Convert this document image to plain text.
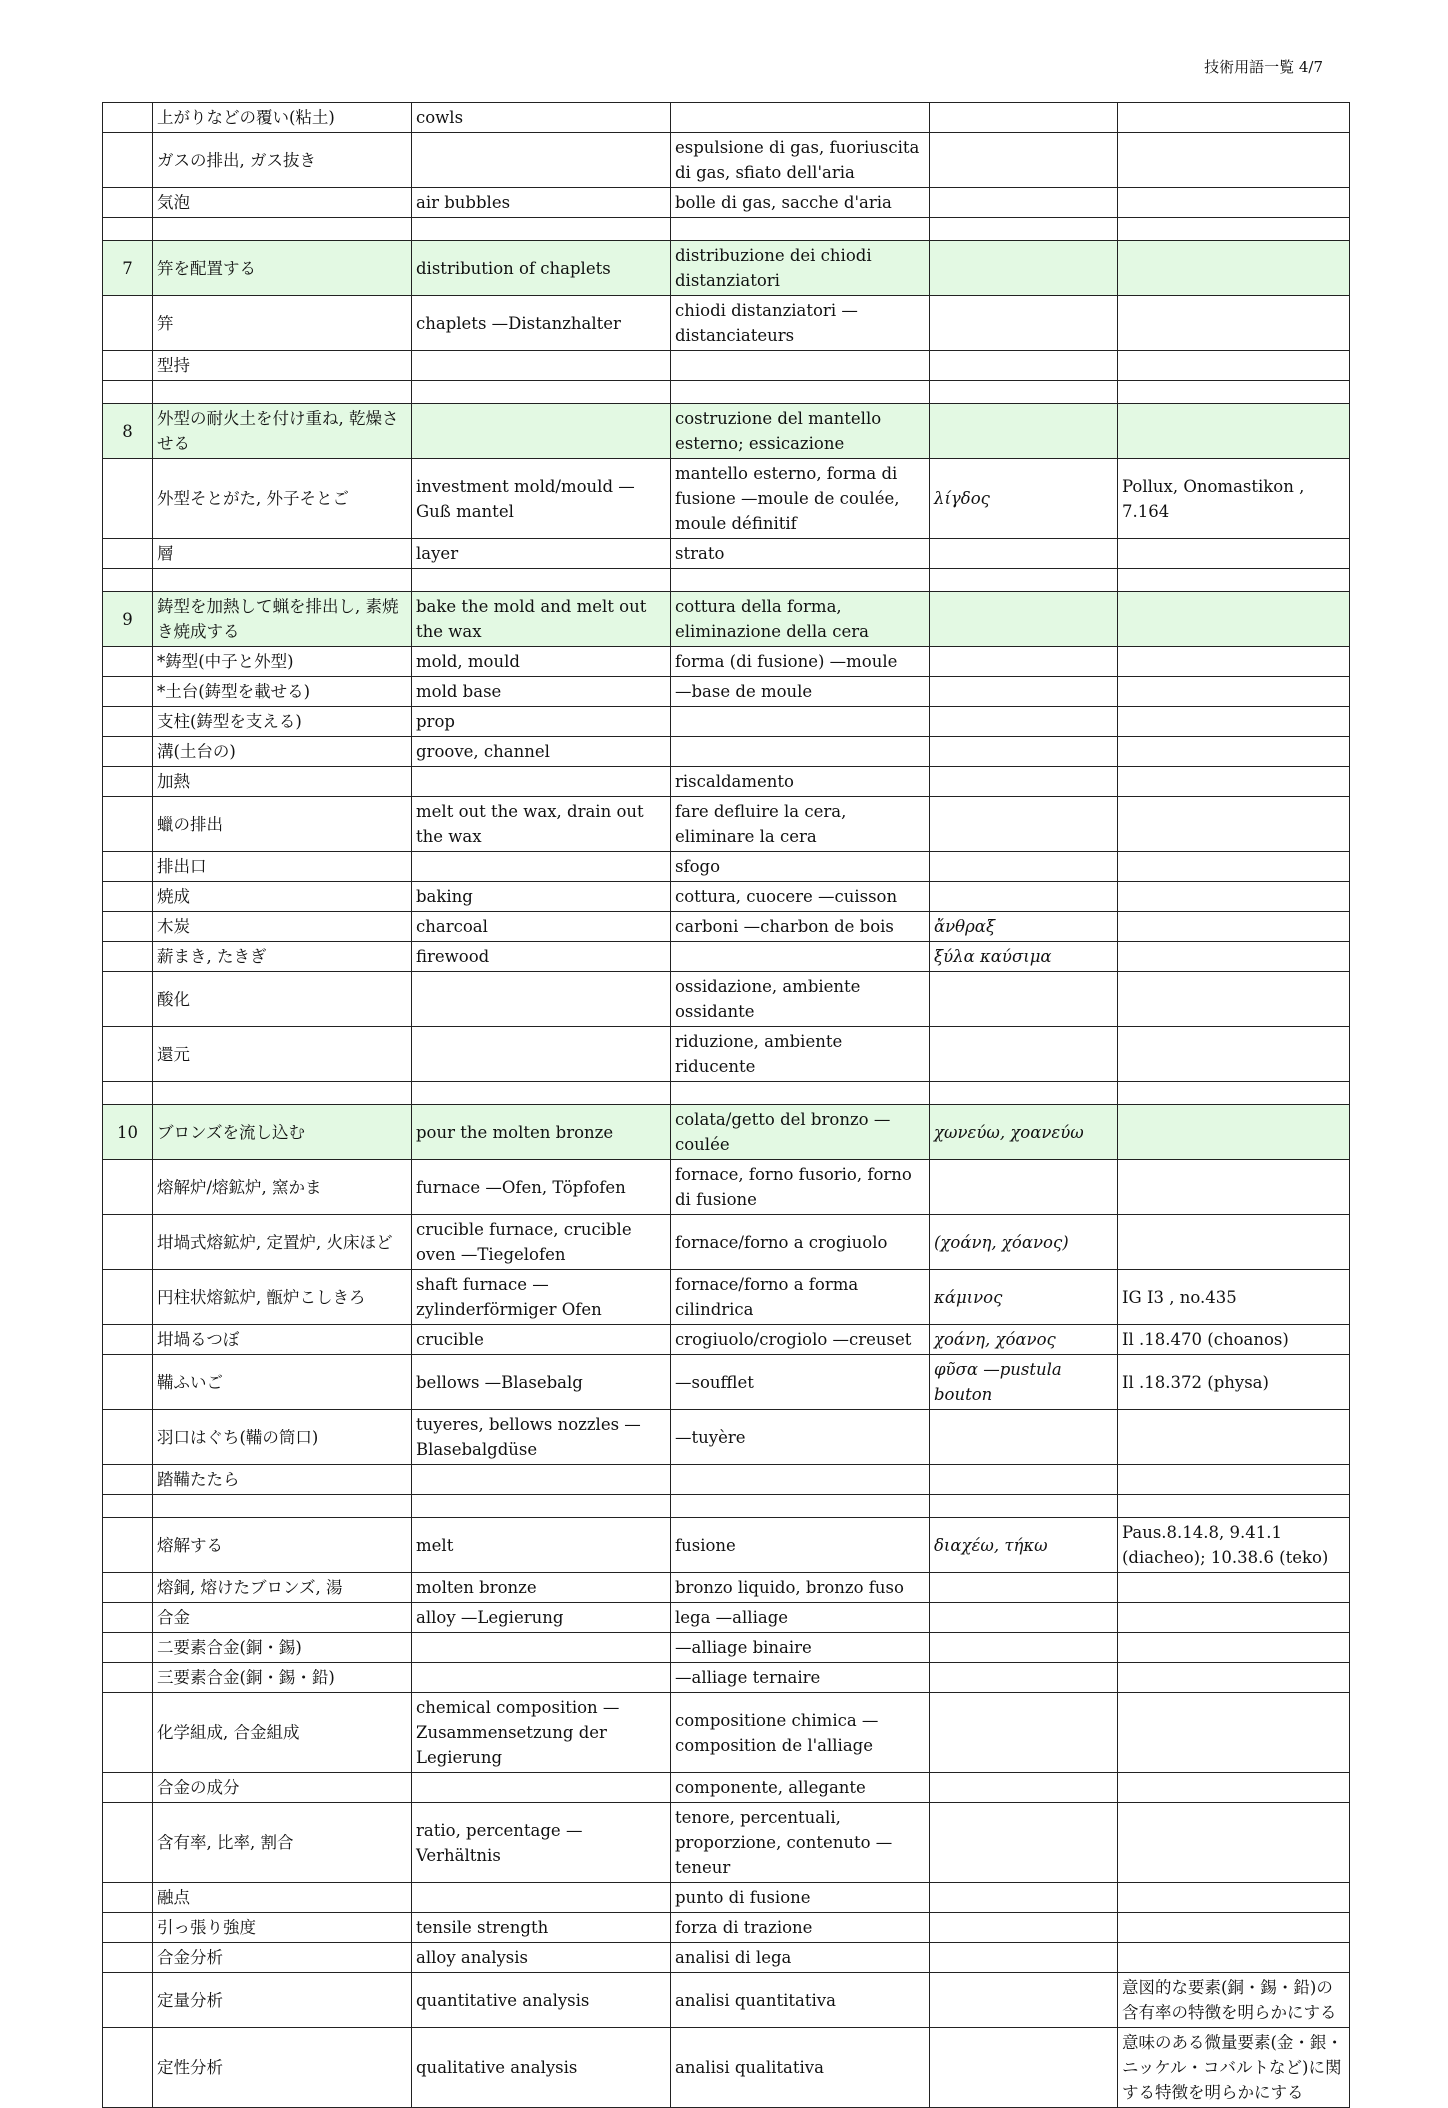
技術用語一覧 4/7
	上がりなどの覆い(粘土)	cowls			
	ガスの排出, ガス抜き		espulsione di gas, fuoriuscita di gas, sfiato dell'aria		
	気泡	air bubbles	bolle di gas, sacche d'aria		

7	笄を配置する	distribution of chaplets	distribuzione dei chiodi distanziatori		
	笄	chaplets —Distanzhalter	chiodi distanziatori — distanciateurs		
	型持				

8	外型の耐火土を付け重ね, 乾燥させる		costruzione del mantello esterno; essicazione		
	外型そとがた, 外子そとご	investment mold/mould —Guß mantel	mantello esterno, forma di fusione —moule de coulée, moule définitif	λίγδος	Pollux, Onomastikon , 7.164
	層	layer	strato		

9	鋳型を加熱して蝋を排出し, 素焼き焼成する	bake the mold and melt out the wax	cottura della forma, eliminazione della cera		
	*鋳型(中子と外型)	mold, mould	forma (di fusione) —moule		
	*土台(鋳型を載せる)	mold base	—base de moule		
	支柱(鋳型を支える)	prop			
	溝(土台の)	groove, channel			
	加熱		riscaldamento		
	蠟の排出	melt out the wax, drain out the wax	fare defluire la cera, eliminare la cera		
	排出口		sfogo		
	焼成	baking	cottura, cuocere —cuisson		
	木炭	charcoal	carboni —charbon de bois	ἄνθραξ	
	薪まき, たきぎ	firewood		ξύλα καύσιμα	
	酸化		ossidazione, ambiente ossidante		
	還元		riduzione, ambiente riducente		

10	ブロンズを流し込む	pour the molten bronze	colata/getto del bronzo —coulée	χωνεύω, χοανεύω	
	熔解炉/熔鉱炉, 窯かま	furnace —Ofen, Töpfofen	fornace, forno fusorio, forno di fusione		
	坩堝式熔鉱炉, 定置炉, 火床ほど	crucible furnace, crucible oven —Tiegelofen	fornace/forno a crogiuolo	(χοάνη, χόανος)	
	円柱状熔鉱炉, 甑炉こしきろ	shaft furnace — zylinderförmiger Ofen	fornace/forno a forma cilindrica	κάμινος	IG I3 , no.435
	坩堝るつぼ	crucible	crogiuolo/crogiolo —creuset	χοάνη, χόανος	Il .18.470 (choanos)
	鞴ふいご	bellows —Blasebalg	—soufflet	φῦσα —pustula bouton	Il .18.372 (physa)
	羽口はぐち(鞴の筒口)	tuyeres, bellows nozzles — Blasebalgdüse	—tuyère		
	踏鞴たたら				

	熔解する	melt	fusione	διαχέω, τήκω	Paus.8.14.8, 9.41.1 (diacheo); 10.38.6 (teko)
	熔銅, 熔けたブロンズ, 湯	molten bronze	bronzo liquido, bronzo fuso		
	合金	alloy —Legierung	lega —alliage		
	二要素合金(銅・錫)		—alliage binaire		
	三要素合金(銅・錫・鉛)		—alliage ternaire		
	化学組成, 合金組成	chemical composition — Zusammensetzung der Legierung	compositione chimica — composition de l'alliage		
	合金の成分		componente, allegante		
	含有率, 比率, 割合	ratio, percentage —Verhältnis	tenore, percentuali, proporzione, contenuto — teneur		
	融点		punto di fusione		
	引っ張り強度	tensile strength	forza di trazione		
	合金分析	alloy analysis	analisi di lega		
	定量分析	quantitative analysis	analisi quantitativa		意図的な要素(銅・錫・鉛)の含有率の特徴を明らかにする
	定性分析	qualitative analysis	analisi qualitativa		意味のある微量要素(金・銀・ニッケル・コバルトなど)に関する特徴を明らかにする
